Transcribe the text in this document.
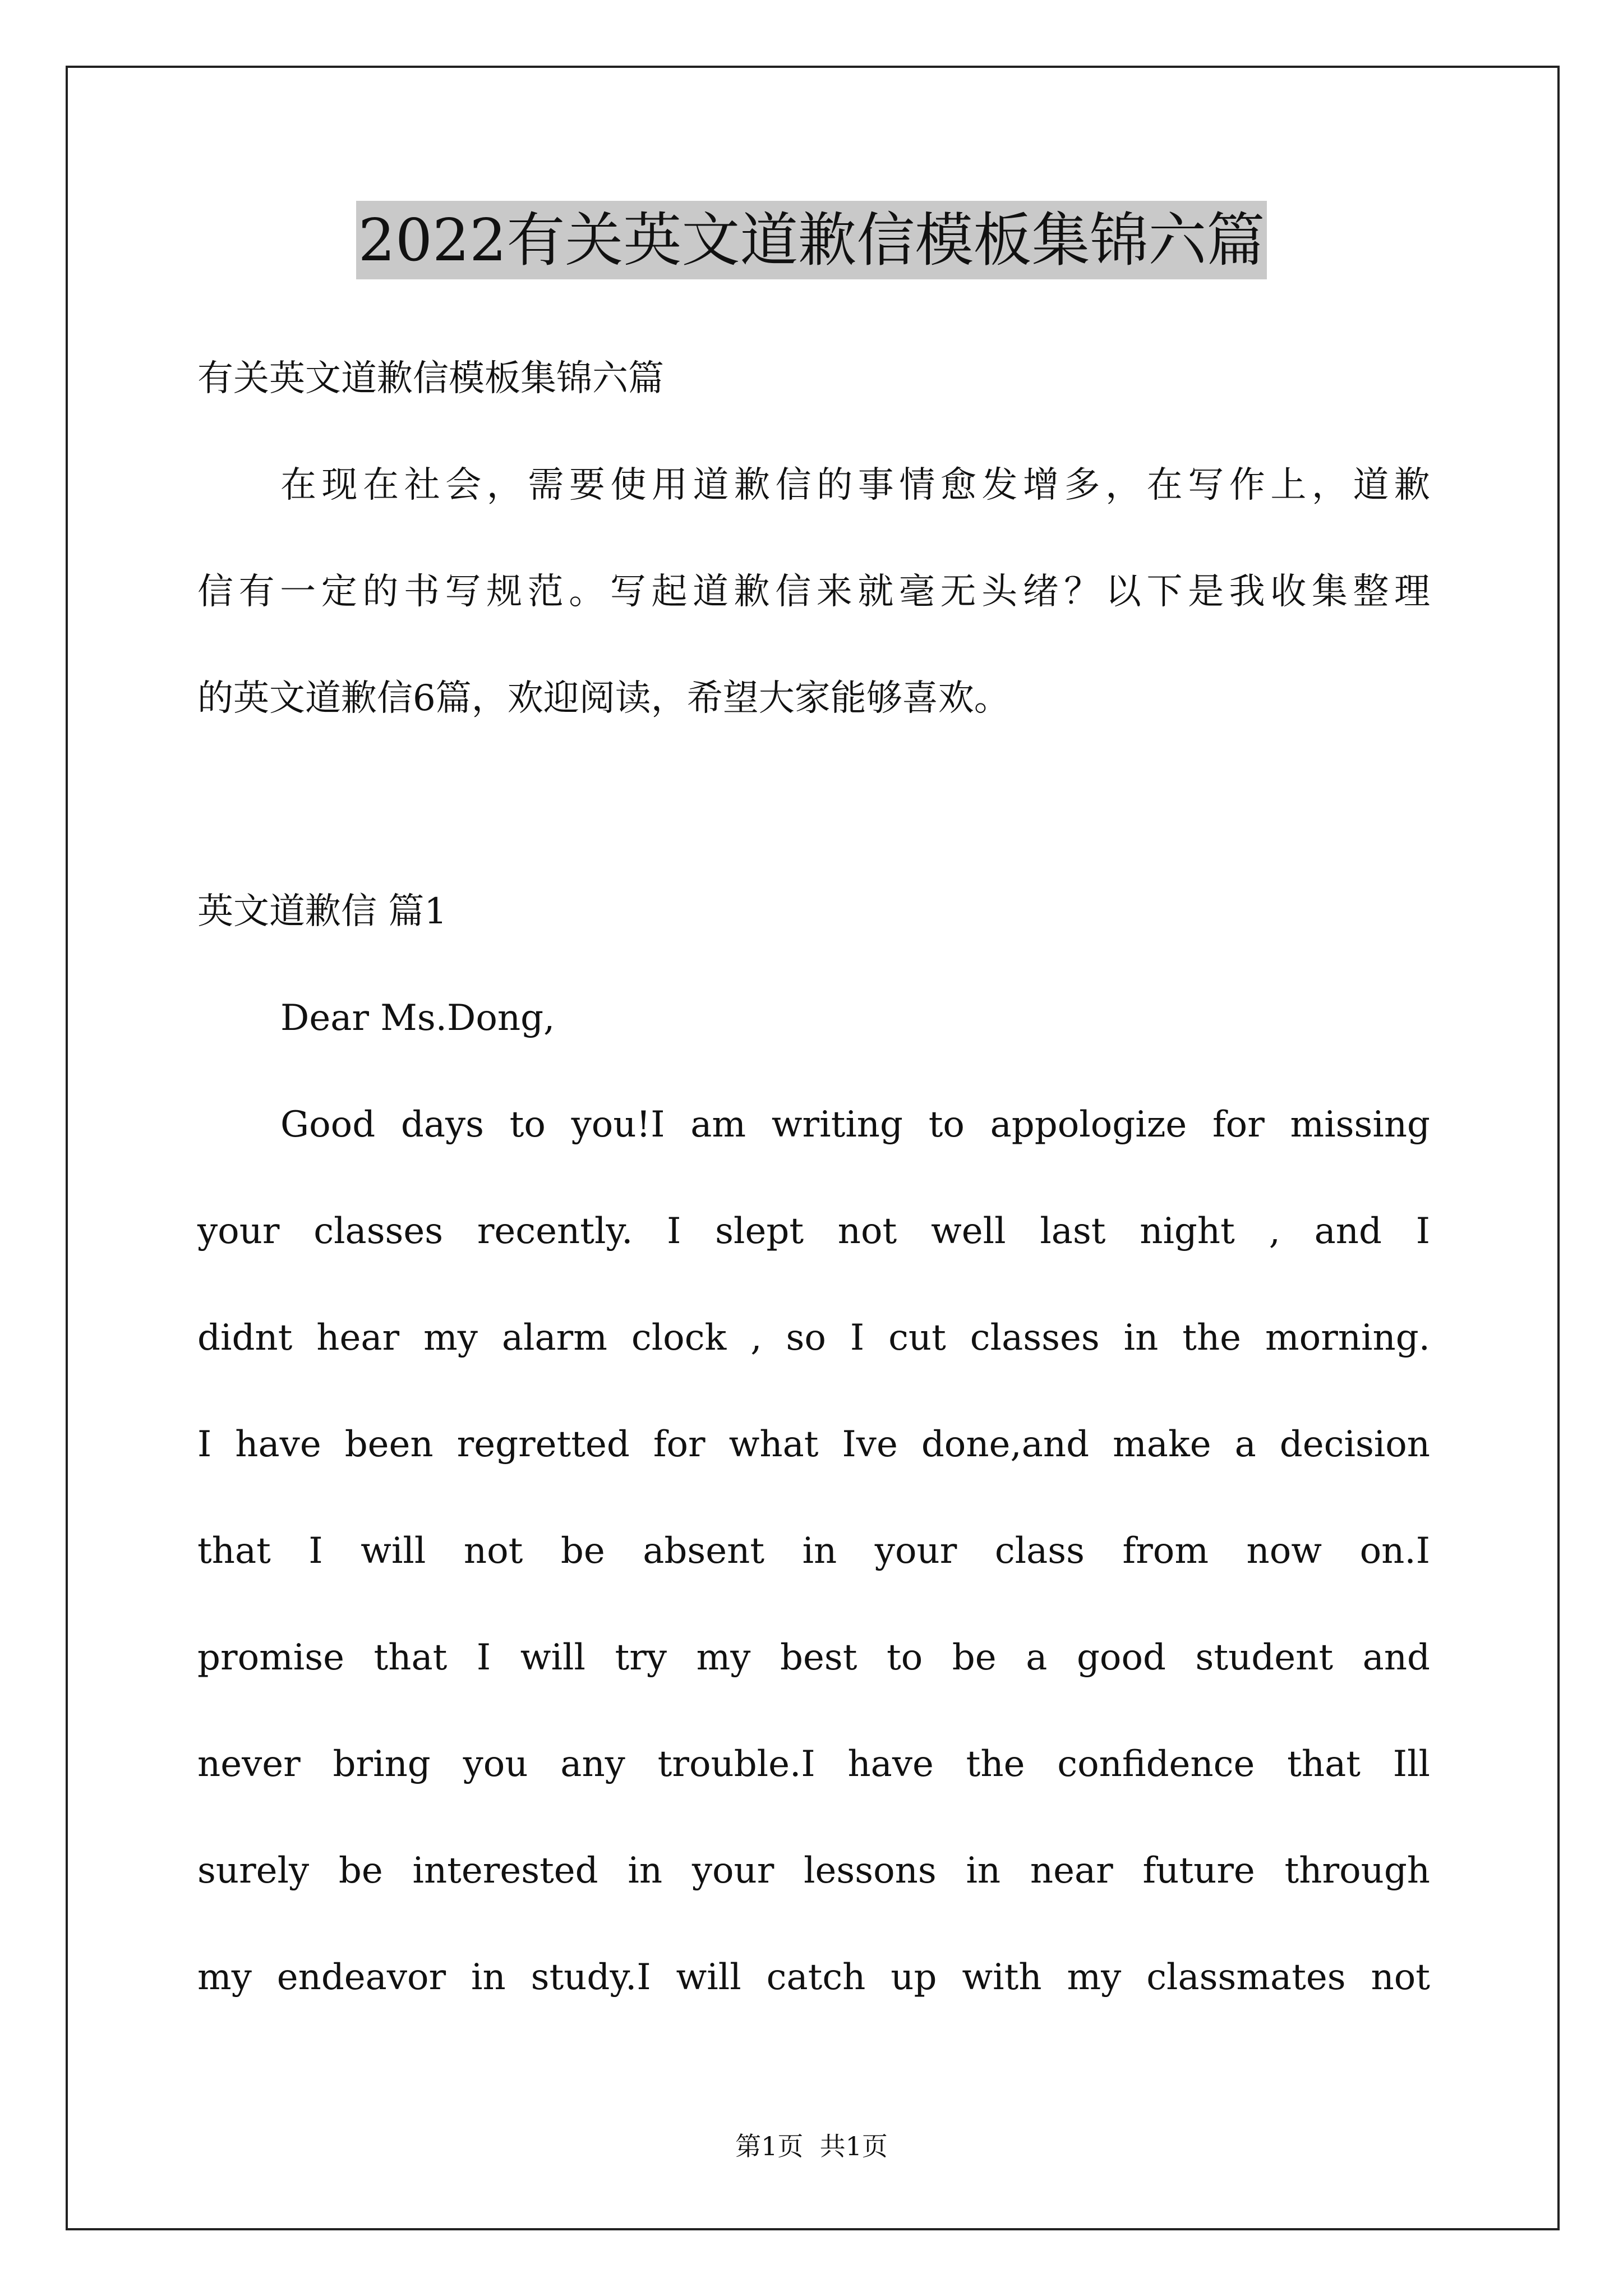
2022有关英文道歉信模板集锦六篇
有关英文道歉信模板集锦六篇
在现在社会，需要使用道歉信的事情愈发增多，在写作上，道歉
信有一定的书写规范。写起道歉信来就毫无头绪？以下是我收集整理
的英文道歉信6篇，欢迎阅读，希望大家能够喜欢。
英文道歉信 篇1
Dear Ms.Dong,
Good days to you!I am writing to appologize for missing
your classes recently. I slept not well last night , and I
didnt hear my alarm clock , so I cut classes in the morning.
I have been regretted for what Ive done,and make a decision
that I will not be absent in your class from now on.I
promise that I will try my best to be a good student and
never bring you any trouble.I have the confidence that Ill
surely be interested in your lessons in near future through
my endeavor in study.I will catch up with my classmates not
第1页  共1页
